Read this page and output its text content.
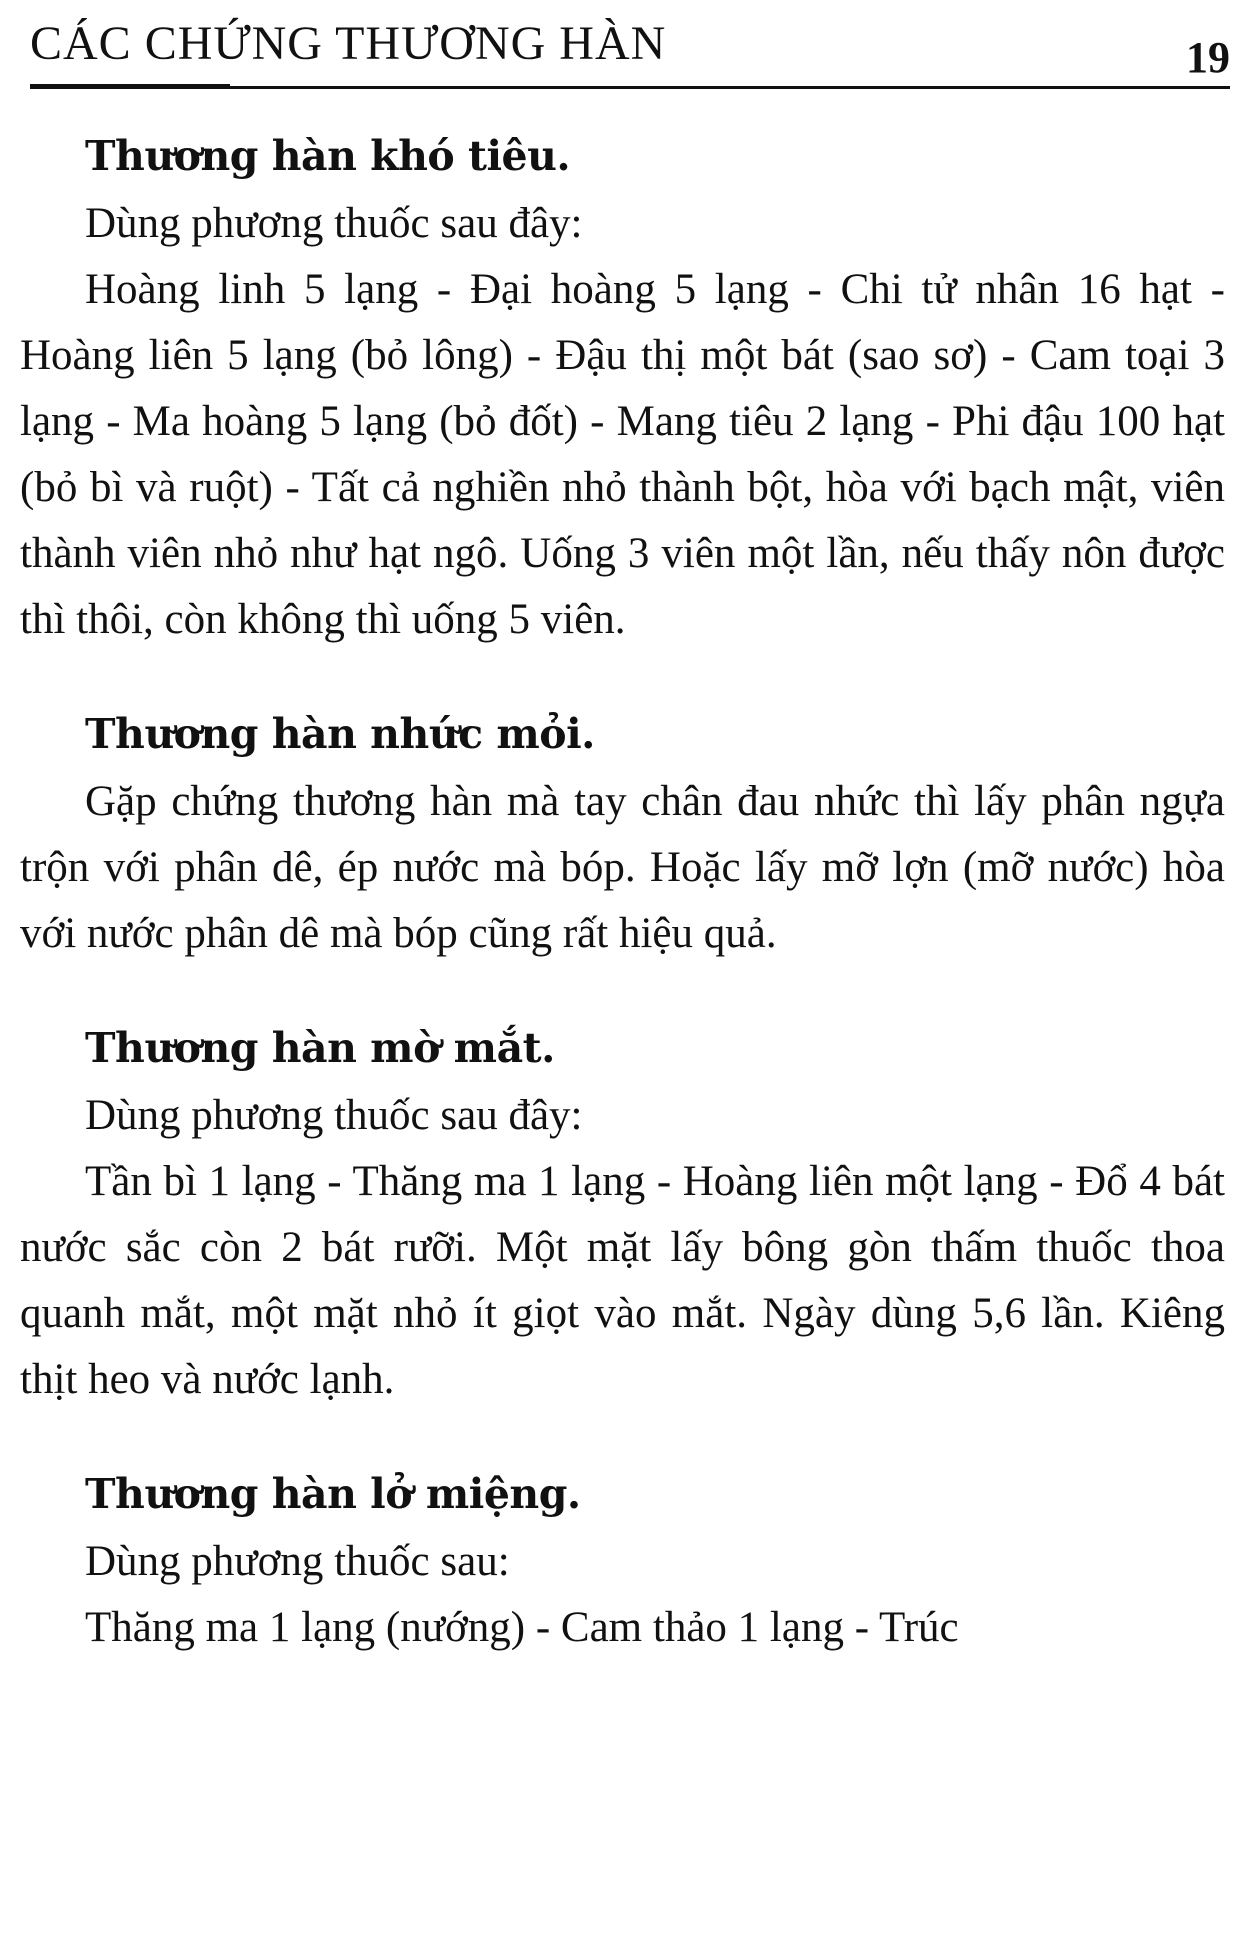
CÁC CHỨNG THƯƠNG HÀN	19
Thương hàn khó tiêu.

Dùng phương thuốc sau đây:

Hoàng linh 5 lạng - Đại hoàng 5 lạng - Chi tử nhân 16 hạt - Hoàng liên 5 lạng (bỏ lông) - Đậu thị một bát (sao sơ) - Cam toại 3 lạng - Ma hoàng 5 lạng (bỏ đốt) - Mang tiêu 2 lạng - Phi đậu 100 hạt (bỏ bì và ruột) - Tất cả nghiền nhỏ thành bột, hòa với bạch mật, viên thành viên nhỏ như hạt ngô. Uống 3 viên một lần, nếu thấy nôn được thì thôi, còn không thì uống 5 viên.

Thương hàn nhức mỏi.

Gặp chứng thương hàn mà tay chân đau nhức thì lấy phân ngựa trộn với phân dê, ép nước mà bóp. Hoặc lấy mỡ lợn (mỡ nước) hòa với nước phân dê mà bóp cũng rất hiệu quả.

Thương hàn mờ mắt.

Dùng phương thuốc sau đây:

Tần bì 1 lạng - Thăng ma 1 lạng - Hoàng liên một lạng - Đổ 4 bát nước sắc còn 2 bát rưỡi. Một mặt lấy bông gòn thấm thuốc thoa quanh mắt, một mặt nhỏ ít giọt vào mắt. Ngày dùng 5,6 lần. Kiêng thịt heo và nước lạnh.

Thương hàn lở miệng.

Dùng phương thuốc sau:

Thăng ma 1 lạng (nướng) - Cam thảo 1 lạng - Trúc
